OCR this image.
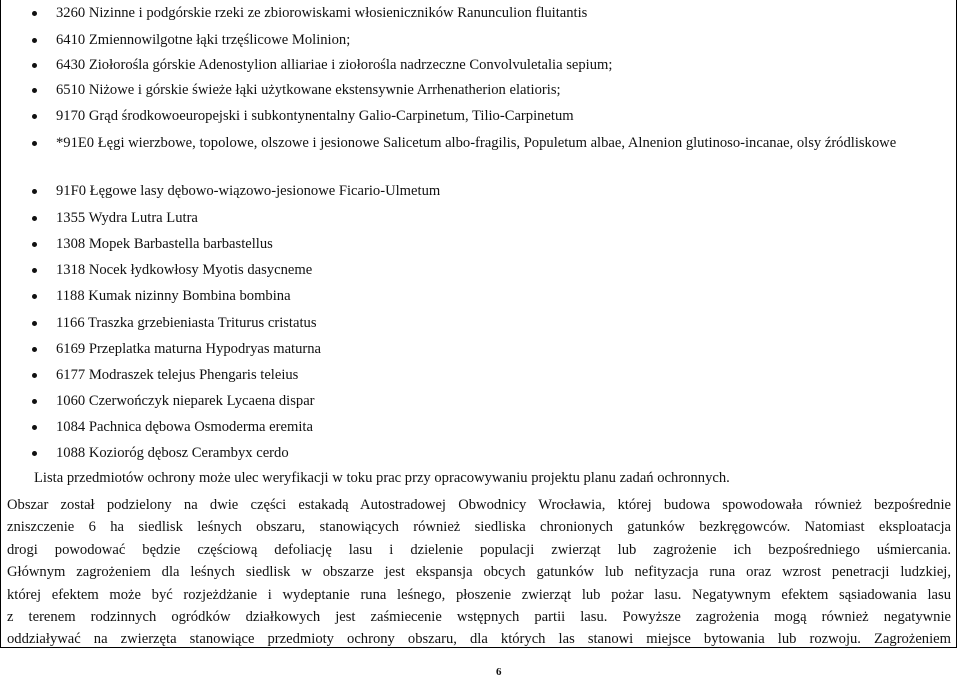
3260 Nizinne i podgórskie rzeki ze zbiorowiskami włosieniczników Ranunculion fluitantis
6410 Zmiennowilgotne łąki trzęślicowe Molinion;
6430 Ziołorośla górskie Adenostylion alliariae i ziołorośla nadrzeczne Convolvuletalia sepium;
6510 Niżowe i górskie świeże łąki użytkowane ekstensywnie Arrhenatherion elatioris;
9170 Grąd środkowoeuropejski i subkontynentalny Galio-Carpinetum, Tilio-Carpinetum
*91E0 Łęgi wierzbowe, topolowe, olszowe i jesionowe Salicetum albo-fragilis, Populetum albae, Alnenion glutinoso-incanae, olsy źródliskowe
91F0 Łęgowe lasy dębowo-wiązowo-jesionowe Ficario-Ulmetum
1355 Wydra Lutra Lutra
1308 Mopek Barbastella barbastellus
1318 Nocek łydkowłosy Myotis dasycneme
1188 Kumak nizinny Bombina bombina
1166 Traszka grzebieniasta Triturus cristatus
6169 Przeplatka maturna Hypodryas maturna
6177 Modraszek telejus Phengaris teleius
1060 Czerwończyk nieparek Lycaena dispar
1084 Pachnica dębowa Osmoderma eremita
1088 Kozioróg dębosz Cerambyx cerdo
Lista przedmiotów ochrony może ulec weryfikacji w toku prac przy opracowywaniu projektu planu zadań ochronnych.
Obszar został podzielony na dwie części estakadą Autostradowej Obwodnicy Wrocławia, której budowa spowodowała również bezpośrednie
zniszczenie 6 ha siedlisk leśnych obszaru, stanowiących również siedliska chronionych gatunków bezkręgowców. Natomiast eksploatacja
drogi powodować będzie częściową defoliację lasu i dzielenie populacji zwierząt lub zagrożenie ich bezpośredniego uśmiercania.
Głównym zagrożeniem dla leśnych siedlisk w obszarze jest ekspansja obcych gatunków lub nefityzacja runa oraz wzrost penetracji ludzkiej,
której efektem może być rozjeżdżanie i wydeptanie runa leśnego, płoszenie zwierząt lub pożar lasu. Negatywnym efektem sąsiadowania lasu
z terenem rodzinnych ogródków działkowych jest zaśmiecenie wstępnych partii lasu. Powyższe zagrożenia mogą również negatywnie
oddziaływać na zwierzęta stanowiące przedmioty ochrony obszaru, dla których las stanowi miejsce bytowania lub rozwoju. Zagrożeniem
6
